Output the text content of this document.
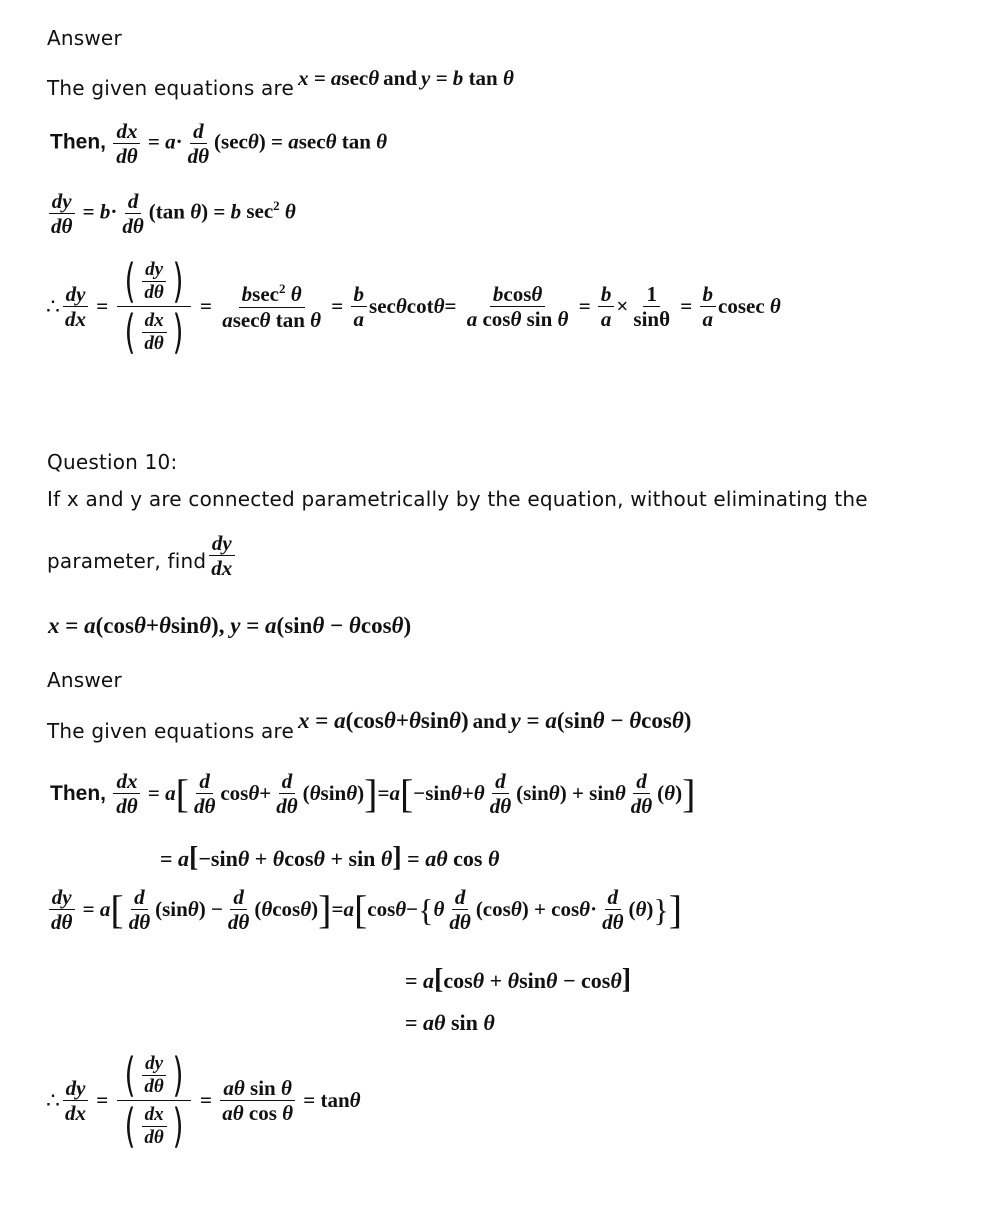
Answer
The given equations are x = asecθ and y = b tan θ
Then, $\frac{dx}{d\theta} = a\cdot \frac{d}{d\theta} (\sec\theta) = asec\theta$ tan θ
$\frac{dy}{d\theta} = b\cdot \frac{d}{d\theta} (\tan$ θ) = b $\sec^2 \theta$
∴ $\frac{dy}{dx}$ = ( $\frac{dy}{d\theta}$ )
( $\frac{dx}{d\theta}$ ) = $\frac{bsec^2 \theta}{\text{asecθ tan θ}} = \frac{b}{a}$ sec θ $\cot \theta = \frac{bcos\theta}{\text{a cosθ sin θ}} = \frac{b}{a} \times \frac{1}{\sin\theta} = \frac{b}{a}$ cosec θ
Question 10:
If x and y are connected parametrically by the equation, without eliminating the
parameter, find $\frac{dy}{dx}$
x = a(cosθ+θsinθ), y = a(sinθ − θcosθ)
Answer
The given equations are x = a(cosθ+θsinθ) and y = a(sinθ − θcosθ)
Then,
$\frac{dx}{d\theta} = a$ [ $\frac{d}{d\theta}$ $\cos \theta + \frac{d}{d\theta}$ ( θ sin θ ) ] = a [ −sin θ + θ $\frac{d}{d\theta} (\sin$ θ ) + sin θ $\frac{d}{d\theta}$ ( θ ) ]
= a[−sinθ + θcosθ + sin θ] = aθ cos θ
$\frac{dy}{d\theta} = a$ [ $\frac{d}{d\theta} (\sin$ θ ) − $\frac{d}{d\theta}$ ( θ cos θ ) ] = a [ cos θ − { θ $\frac{d}{d\theta} (\cos$ θ ) + $\cos \theta \cdot \frac{d}{d\theta}$ ( θ ) } ]
= a[cosθ + θsinθ − cosθ]
= aθ sin θ
∴ $\frac{dy}{dx}$ = ( $\frac{dy}{d\theta}$ )
( $\frac{dx}{d\theta}$ ) = $\frac{\text{aθ sin θ}}{\text{aθ cos θ}} = \tan \theta$
